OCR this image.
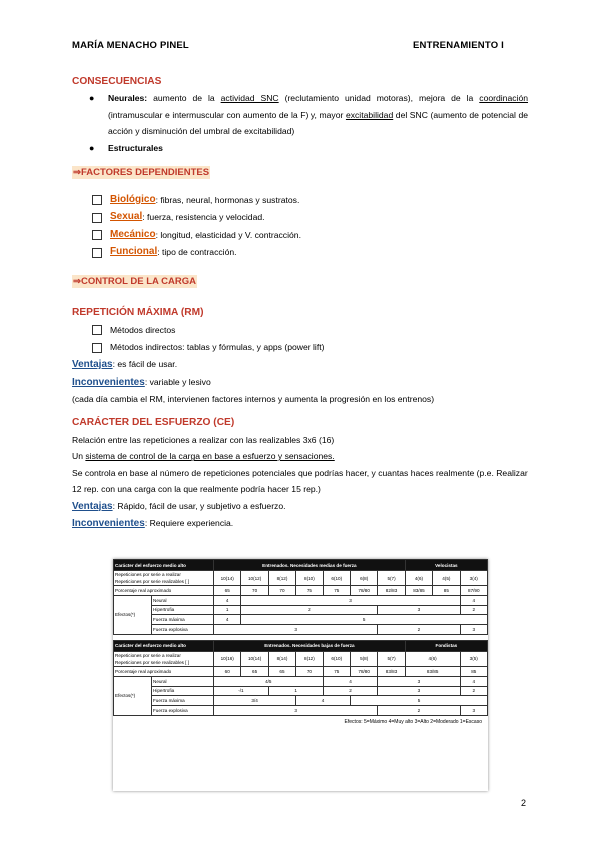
MARÍA MENACHO PINEL	ENTRENAMIENTO I
CONSECUENCIAS
● Neurales: aumento de la actividad SNC (reclutamiento unidad motoras), mejora de la coordinación (intramuscular e intermuscular con aumento de la F) y, mayor excitabilidad del SNC (aumento de potencial de acción y disminución del umbral de excitabilidad)
● Estructurales
⇒FACTORES DEPENDIENTES
Biológico : fibras, neural, hormonas y sustratos.
Sexual : fuerza, resistencia y velocidad.
Mecánico : longitud, elasticidad y V. contracción.
Funcional : tipo de contracción.
⇒CONTROL DE LA CARGA
REPETICIÓN MÁXIMA (RM)
Métodos directos
Métodos indirectos: tablas y fórmulas, y apps (power lift)
Ventajas: es fácil de usar.
Inconvenientes: variable y lesivo
(cada día cambia el RM, intervienen factores internos y aumenta la progresión en los entrenos)
CARÁCTER DEL ESFUERZO (CE)
Relación entre las repeticiones a realizar con las realizables 3x6 (16)
Un sistema de control de la carga en base a esfuerzo y sensaciones.
Se controla en base al número de repeticiones potenciales que podrías hacer, y cuantas haces realmente (p.e. Realizar 12 rep. con una carga con la que realmente podría hacer 15 rep.)
Ventajas: Rápido, fácil de usar, y subjetivo a esfuerzo.
Inconvenientes: Requiere experiencia.
Carácter del esfuerzo medio alto		Entrenados. Necesidades medias de fuerza							Velocistas		

Repeticiones por serie a realizar
Repeticiones por serie realizables [ ]		10(14)	10(12)	8(12)	8(10)	6(10)	6(8)	5(7)	4(6)	4(5)	3(4)
Porcentaje real aproximado		65	70	70	75	75	78/80	82/83	83/85	85	87/90
Efectos(*)	Neural	4	3								4
	Hipertrofia	1	2					3			2
	Fuerza máxima	4	5								
	Fuerza explosiva	3						2			3

Carácter del esfuerzo medio alto		Entrenados. Necesidades bajas de fuerza							Fondistas		

Repeticiones por serie a realizar
Repeticiones por serie realizables [ ]		10(16)	10(14)	8(14)	8(12)	6(10)	5(8)	5(7)	4(6)		3(5)
Porcentaje real aproximado		60	65	65	70	75	78/80	83/83	83/85		85
Efectos(*)	Neural	4/5				4		3			4
	Hipertrofia	-/1		1		2		3			2
	Fuerza máxima	3/4			4		5				
	Fuerza explosiva	3						2			3
Efectos: 5=Máximo 4=Muy alto 3=Alto 2=Moderado 1=Escaso
2
